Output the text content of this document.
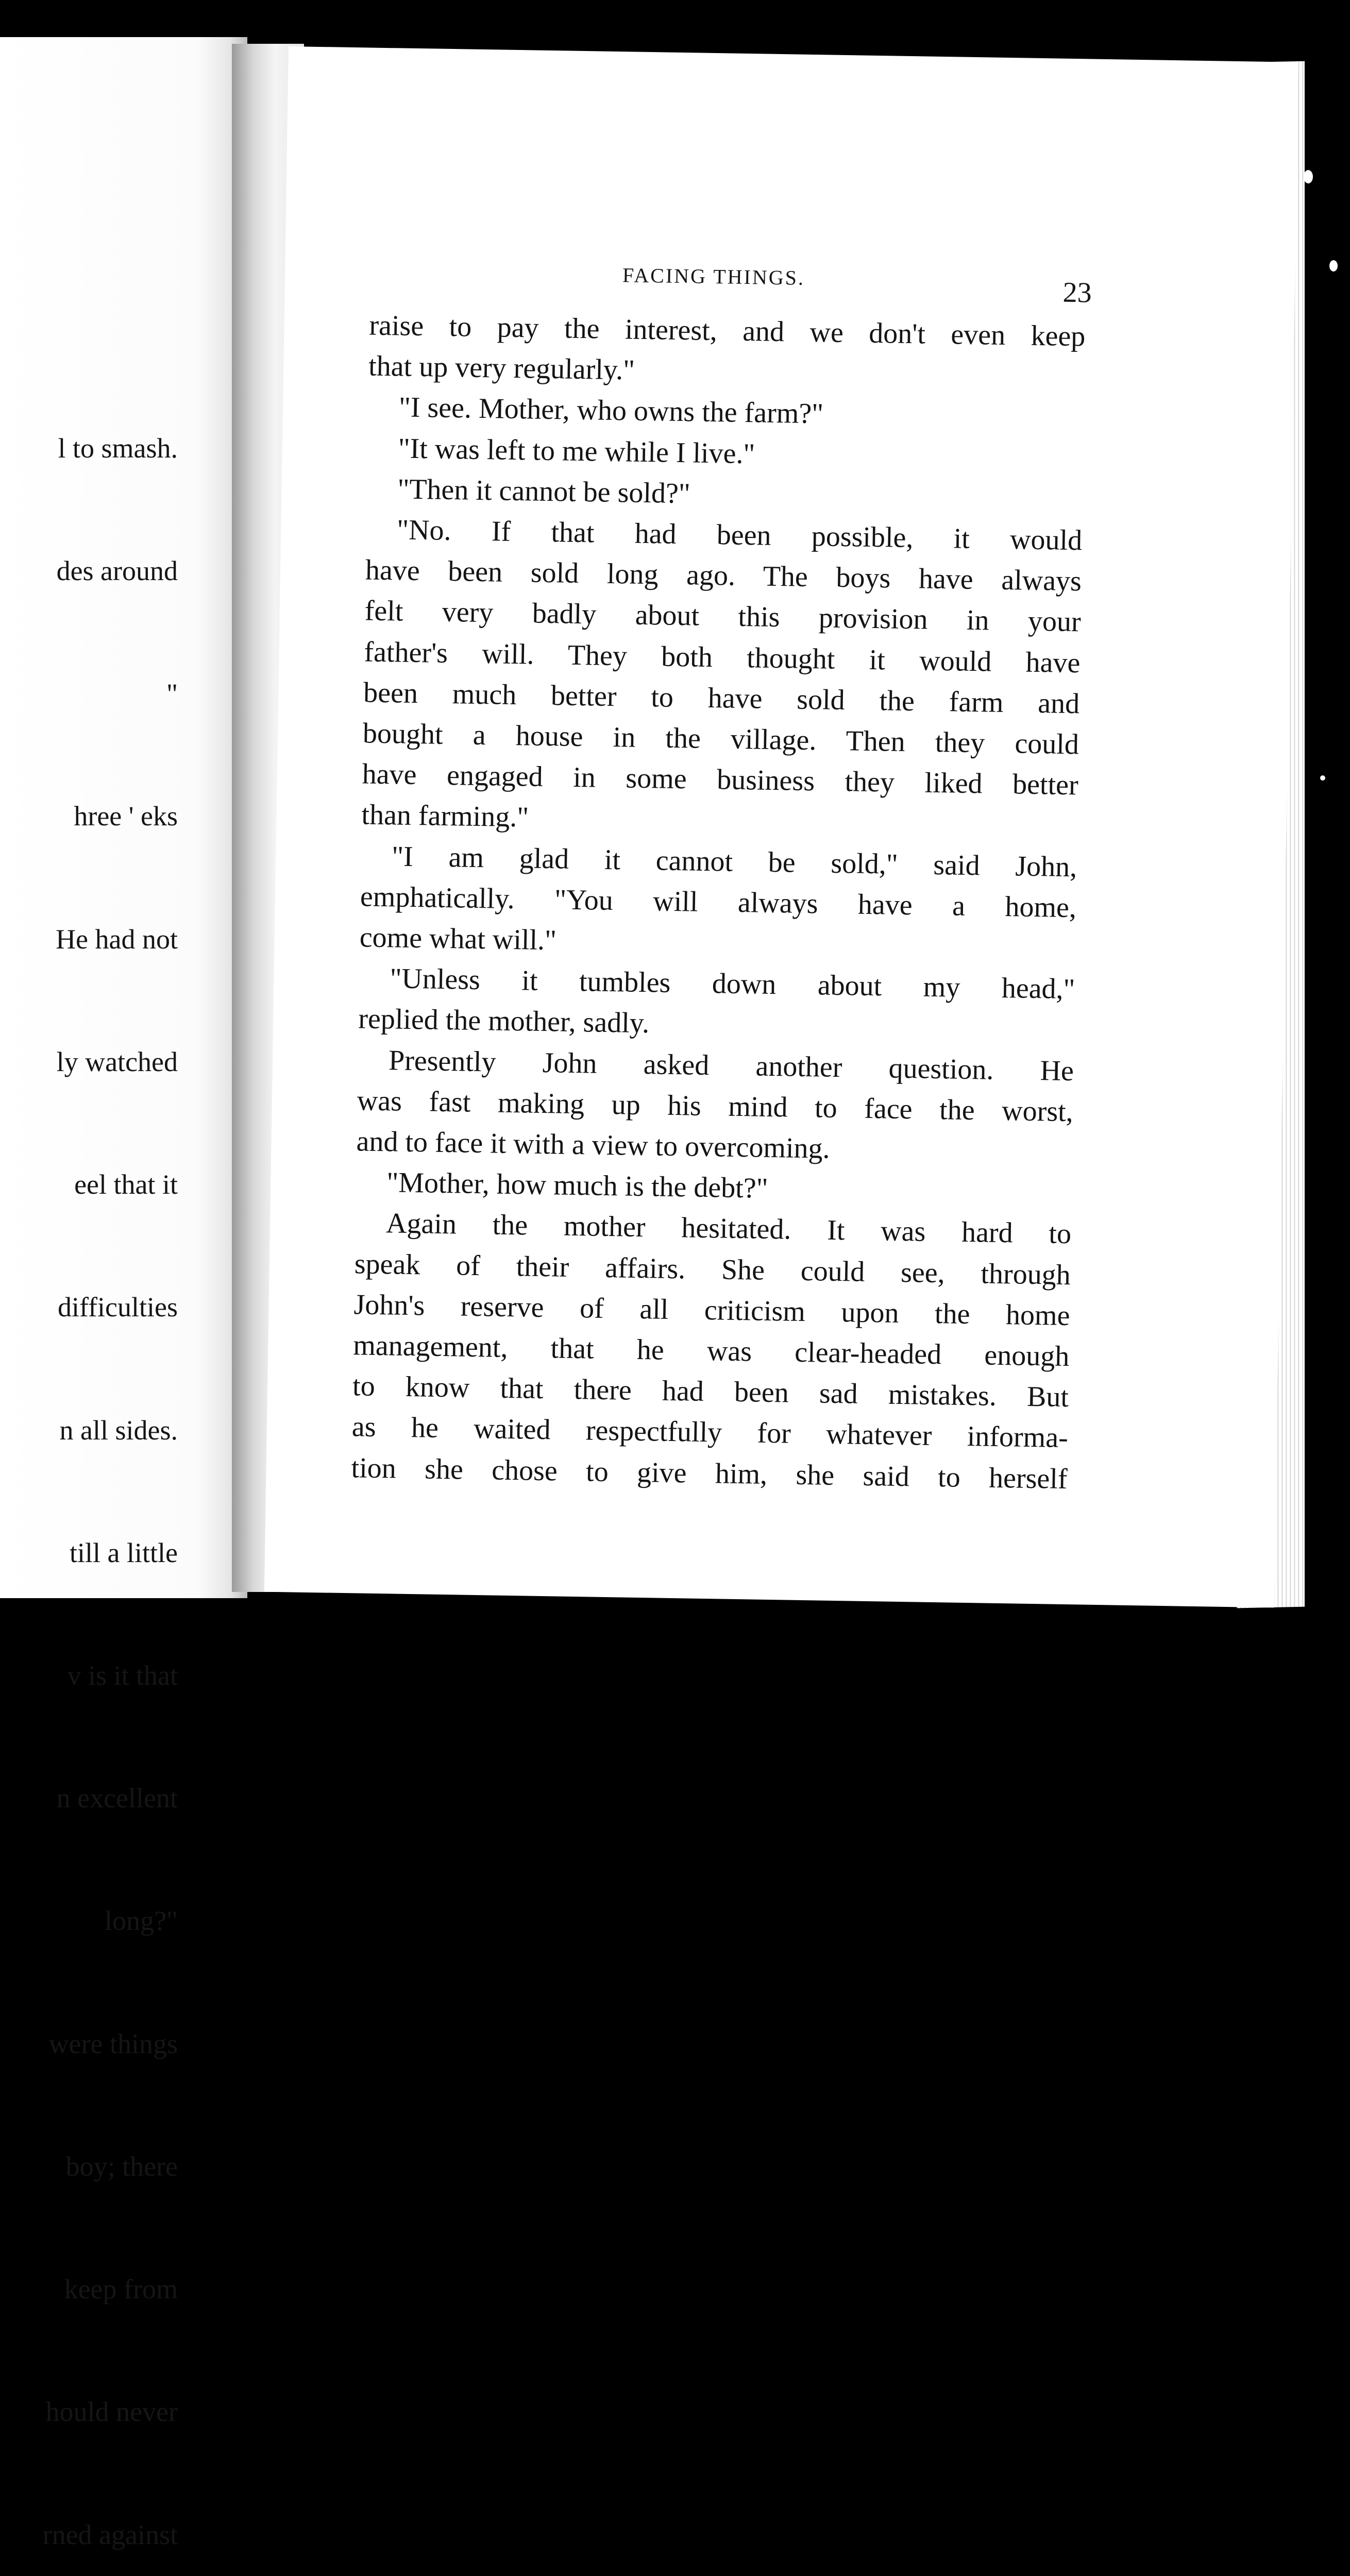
l to smash.

des around

"

hree ' eks

He had not

ly watched

eel that it

difficulties

n all sides.

till a little

v is it that

n excellent

long?"

were things

boy; there

keep from

hould never

rned against

FACING THINGS.
23
raise to pay the interest, and we don't even keep
that up very regularly."
"I see. Mother, who owns the farm?"
"It was left to me while I live."
"Then it cannot be sold?"
"No. If that had been possible, it would
have been sold long ago. The boys have always
felt very badly about this provision in your
father's will. They both thought it would have
been much better to have sold the farm and
bought a house in the village. Then they could
have engaged in some business they liked better
than farming."
"I am glad it cannot be sold," said John,
emphatically. "You will always have a home,
come what will."
"Unless it tumbles down about my head,"
replied the mother, sadly.
Presently John asked another question. He
was fast making up his mind to face the worst,
and to face it with a view to overcoming.
"Mother, how much is the debt?"
Again the mother hesitated. It was hard to
speak of their affairs. She could see, through
John's reserve of all criticism upon the home
management, that he was clear-headed enough
to know that there had been sad mistakes. But
as he waited respectfully for whatever informa-
tion she chose to give him, she said to herself
